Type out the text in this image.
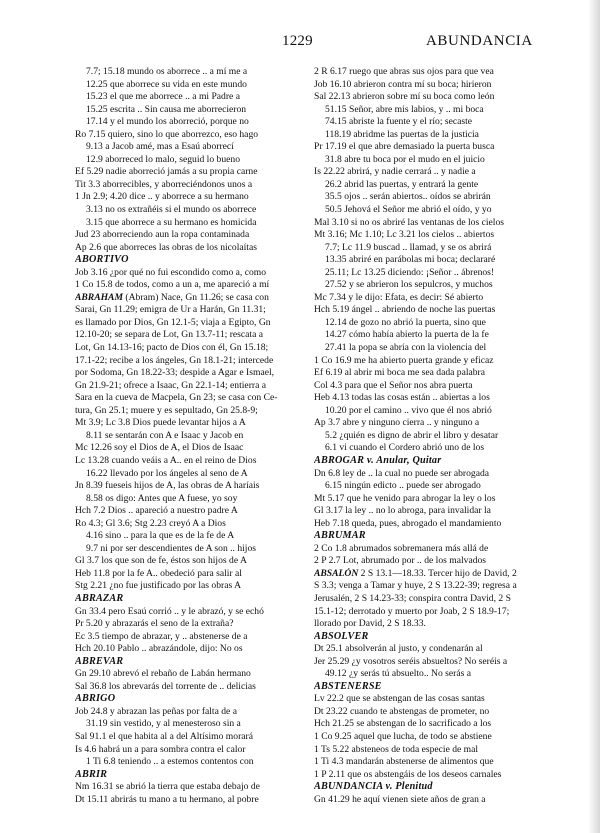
1229	ABUNDANCIA
7.7; 15.18 mundo os aborrece .. a mí me a
12.25 que aborrece su vida en este mundo
15.23 el que me aborrece .. a mi Padre a
15.25 escrita .. Sin causa me aborrecieron
17.14 y el mundo los aborreció, porque no
Ro 7.15 quiero, sino lo que aborrezco, eso hago
9.13 a Jacob amé, mas a Esaú aborrecí
12.9 aborreced lo malo, seguid lo bueno
Ef 5.29 nadie aborreció jamás a su propia carne
Tit 3.3 aborrecibles, y aborreciéndonos unos a
1 Jn 2.9; 4.20 dice .. y aborrece a su hermano
3.13 no os extrañéis si el mundo os aborrece
3.15 que aborrece a su hermano es homicida
Jud 23 aborreciendo aun la ropa contaminada
Ap 2.6 que aborreces las obras de los nicolaítas
ABORTIVO
Job 3.16 ¿por qué no fui escondido como a, como
1 Co 15.8 de todos, como a un a, me apareció a mí
ABRAHAM (Abram) Nace, Gn 11.26; se casa con
Sarai, Gn 11.29; emigra de Ur a Harán, Gn 11.31;
es llamado por Dios, Gn 12.1-5; viaja a Egipto, Gn
12.10-20; se separa de Lot, Gn 13.7-11; rescata a
Lot, Gn 14.13-16; pacto de Dios con él, Gn 15.18;
17.1-22; recibe a los ángeles, Gn 18.1-21; intercede
por Sodoma, Gn 18.22-33; despide a Agar e Ismael,
Gn 21.9-21; ofrece a Isaac, Gn 22.1-14; entierra a
Sara en la cueva de Macpela, Gn 23; se casa con Ce-
tura, Gn 25.1; muere y es sepultado, Gn 25.8-9;
Mt 3.9; Lc 3.8 Dios puede levantar hijos a A
8.11 se sentarán con A e Isaac y Jacob en
Mc 12.26 soy el Dios de A, el Dios de Isaac
Lc 13.28 cuando veáis a A.. en el reino de Dios
16.22 llevado por los ángeles al seno de A
Jn 8.39 fueseis hijos de A, las obras de A haríais
8.58 os digo: Antes que A fuese, yo soy
Hch 7.2 Dios .. apareció a nuestro padre A
Ro 4.3; Gl 3.6; Stg 2.23 creyó A a Dios
4.16 sino .. para la que es de la fe de A
9.7 ni por ser descendientes de A son .. hijos
Gl 3.7 los que son de fe, éstos son hijos de A
Heb 11.8 por la fe A.. obedeció para salir al
Stg 2.21 ¿no fue justificado por las obras A
ABRAZAR
Gn 33.4 pero Esaú corrió .. y le abrazó, y se echó
Pr 5.20 y abrazarás el seno de la extraña?
Ec 3.5 tiempo de abrazar, y .. abstenerse de a
Hch 20.10 Pablo .. abrazándole, dijo: No os
ABREVAR
Gn 29.10 abrevó el rebaño de Labán hermano
Sal 36.8 los abrevarás del torrente de .. delicias
ABRIGO
Job 24.8 y abrazan las peñas por falta de a
31.19 sin vestido, y al menesteroso sin a
Sal 91.1 el que habita al a del Altísimo morará
Is 4.6 habrá un a para sombra contra el calor
1 Ti 6.8 teniendo .. a estemos contentos con
ABRIR
Nm 16.31 se abrió la tierra que estaba debajo de
Dt 15.11 abrirás tu mano a tu hermano, al pobre
2 R 6.17 ruego que abras sus ojos para que vea
Job 16.10 abrieron contra mí su boca; hirieron
Sal 22.13 abrieron sobre mí su boca como león
51.15 Señor, abre mis labios, y .. mi boca
74.15 abriste la fuente y el río; secaste
118.19 abridme las puertas de la justicia
Pr 17.19 el que abre demasiado la puerta busca
31.8 abre tu boca por el mudo en el juicio
Is 22.22 abrirá, y nadie cerrará .. y nadie a
26.2 abrid las puertas, y entrará la gente
35.5 ojos .. serán abiertos.. oídos se abrirán
50.5 Jehová el Señor me abrió el oído, y yo
Mal 3.10 si no os abriré las ventanas de los cielos
Mt 3.16; Mc 1.10; Lc 3.21 los cielos .. abiertos
7.7; Lc 11.9 buscad .. llamad, y se os abrirá
13.35 abriré en parábolas mi boca; declararé
25.11; Lc 13.25 diciendo: ¡Señor .. ábrenos!
27.52 y se abrieron los sepulcros, y muchos
Mc 7.34 y le dijo: Efata, es decir: Sé abierto
Hch 5.19 ángel .. abriendo de noche las puertas
12.14 de gozo no abrió la puerta, sino que
14.27 cómo había abierto la puerta de la fe
27.41 la popa se abría con la violencia del
1 Co 16.9 me ha abierto puerta grande y eficaz
Ef 6.19 al abrir mi boca me sea dada palabra
Col 4.3 para que el Señor nos abra puerta
Heb 4.13 todas las cosas están .. abiertas a los
10.20 por el camino .. vivo que él nos abrió
Ap 3.7 abre y ninguno cierra .. y ninguno a
5.2 ¿quién es digno de abrir el libro y desatar
6.1 vi cuando el Cordero abrió uno de los
ABROGAR v. Anular, Quitar
Dn 6.8 ley de .. la cual no puede ser abrogada
6.15 ningún edicto .. puede ser abrogado
Mt 5.17 que he venido para abrogar la ley o los
Gl 3.17 la ley .. no lo abroga, para invalidar la
Heb 7.18 queda, pues, abrogado el mandamiento
ABRUMAR
2 Co 1.8 abrumados sobremanera más allá de
2 P 2.7 Lot, abrumado por .. de los malvados
ABSALÓN 2 S 13.1—18.33. Tercer hijo de David, 2
S 3.3; venga a Tamar y huye, 2 S 13.22-39; regresa a
Jerusalén, 2 S 14.23-33; conspira contra David, 2 S
15.1-12; derrotado y muerto por Joab, 2 S 18.9-17;
llorado por David, 2 S 18.33.
ABSOLVER
Dt 25.1 absolverán al justo, y condenarán al
Jer 25.29 ¿y vosotros seréis absueltos? No seréis a
49.12 ¿y serás tú absuelto.. No serás a
ABSTENERSE
Lv 22.2 que se abstengan de las cosas santas
Dt 23.22 cuando te abstengas de prometer, no
Hch 21.25 se abstengan de lo sacrificado a los
1 Co 9.25 aquel que lucha, de todo se abstiene
1 Ts 5.22 absteneos de toda especie de mal
1 Ti 4.3 mandarán abstenerse de alimentos que
1 P 2.11 que os abstengáis de los deseos carnales
ABUNDANCIA v. Plenitud
Gn 41.29 he aquí vienen siete años de gran a
